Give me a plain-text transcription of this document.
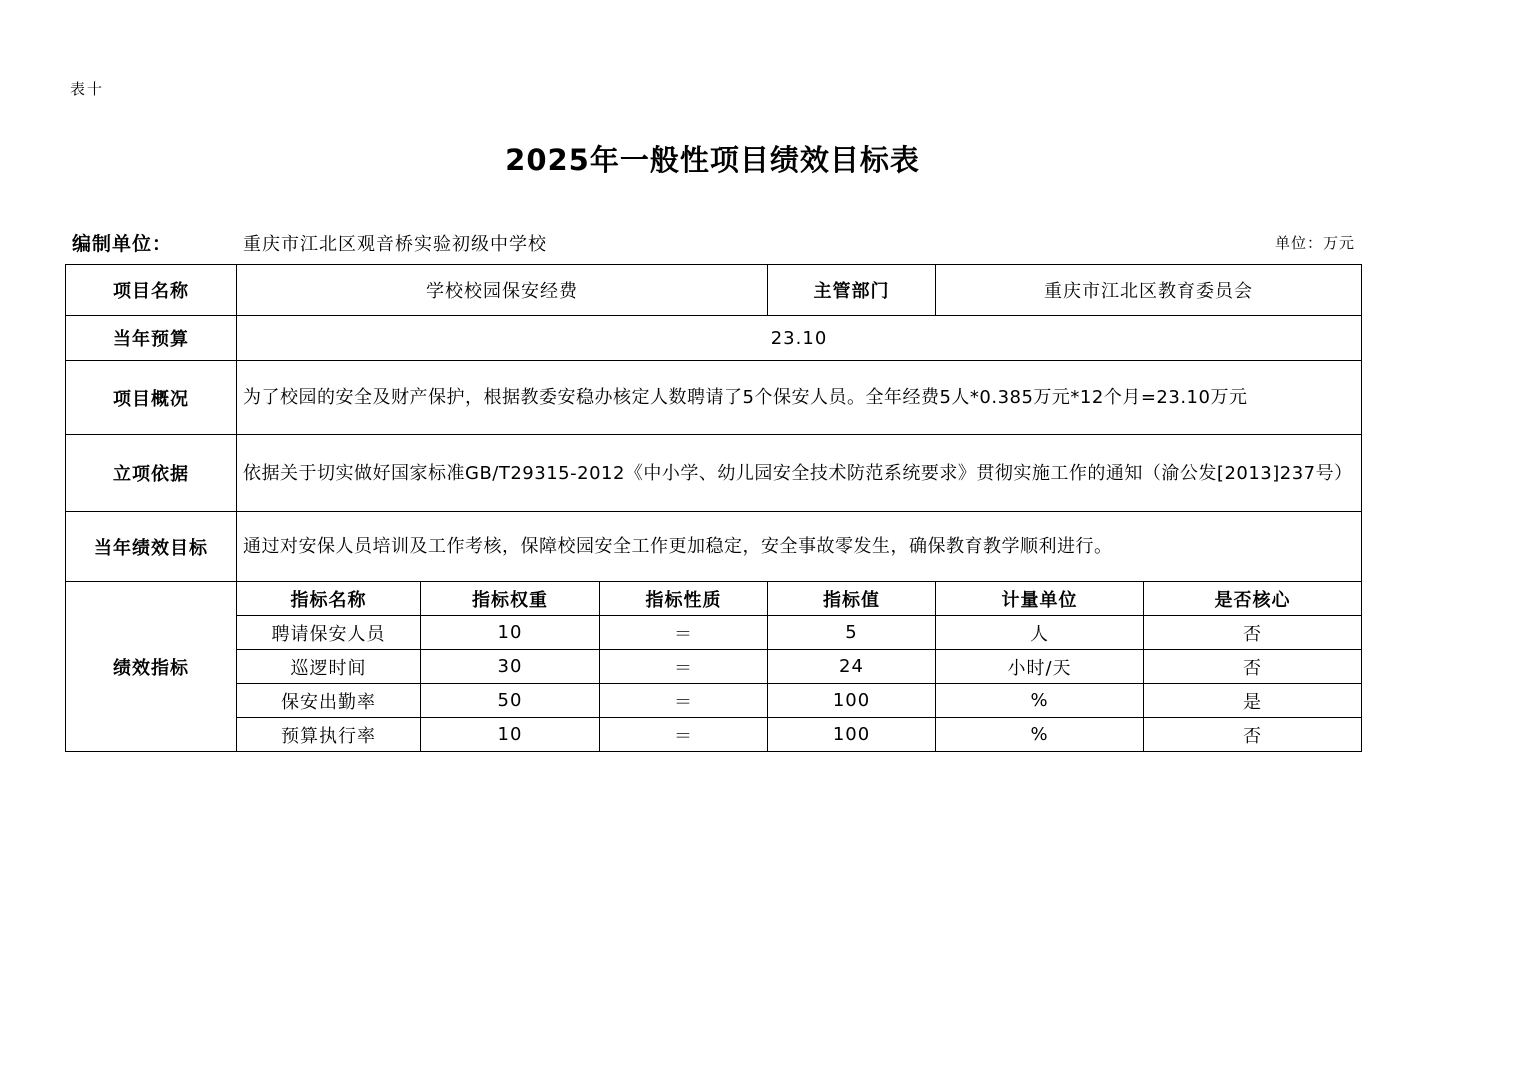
表十
2025年一般性项目绩效目标表
编制单位：	重庆市江北区观音桥实验初级中学校	单位：万元
项目名称	学校校园保安经费			主管部门	重庆市江北区教育委员会	
当年预算	23.10					
项目概况	为了校园的安全及财产保护，根据教委安稳办核定人数聘请了5个保安人员。全年经费5人*0.385万元*12个月=23.10万元					
立项依据	依据关于切实做好国家标准GB/T29315-2012《中小学、幼儿园安全技术防范系统要求》贯彻实施工作的通知（渝公发[2013]237号）					
当年绩效目标	通过对安保人员培训及工作考核，保障校园安全工作更加稳定，安全事故零发生，确保教育教学顺利进行。					
绩效指标	指标名称	指标权重	指标性质	指标值	计量单位	是否核心
	聘请保安人员	10	＝	5	人	否
	巡逻时间	30	＝	24	小时/天	否
	保安出勤率	50	＝	100	%	是
	预算执行率	10	＝	100	%	否
